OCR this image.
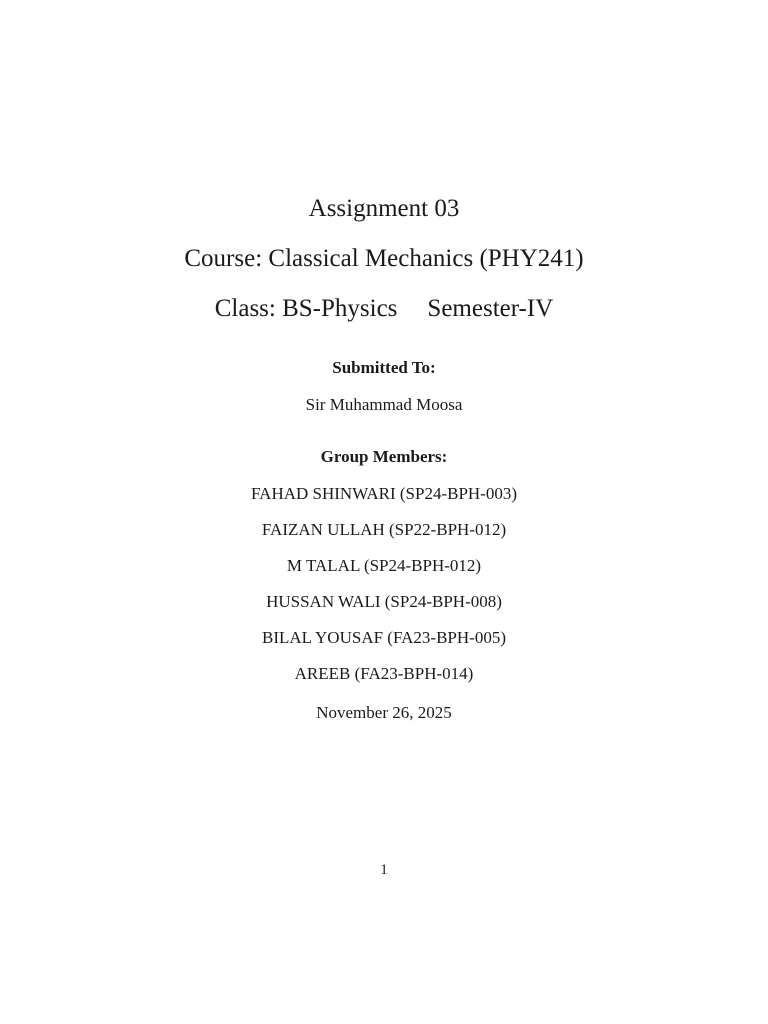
Assignment 03
Course: Classical Mechanics (PHY241)
Class: BS-Physics Semester-IV
Submitted To:
Sir Muhammad Moosa
Group Members:
FAHAD SHINWARI (SP24-BPH-003)
FAIZAN ULLAH (SP22-BPH-012)
M TALAL (SP24-BPH-012)
HUSSAN WALI (SP24-BPH-008)
BILAL YOUSAF (FA23-BPH-005)
AREEB (FA23-BPH-014)
November 26, 2025
1
